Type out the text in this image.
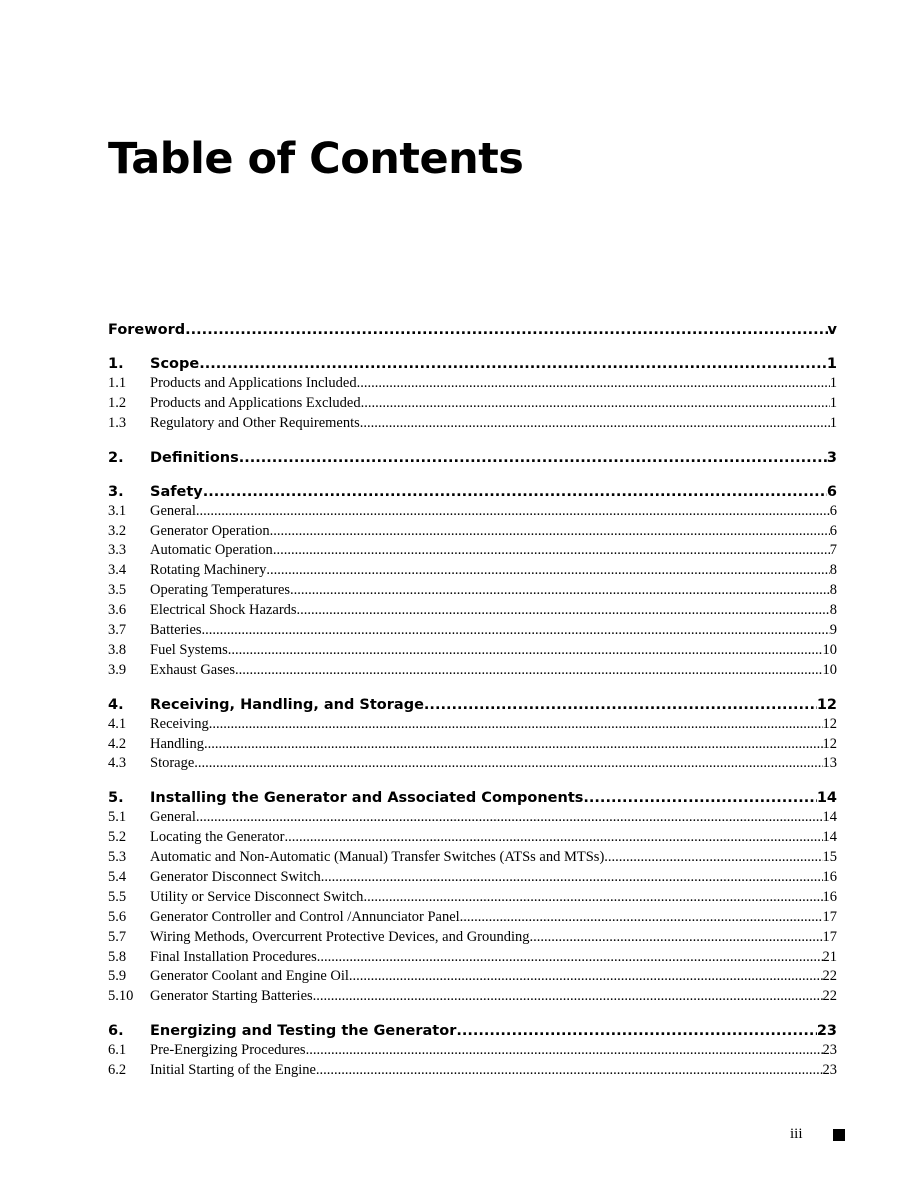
Table of Contents
Foreword .....	v
1.	Scope .....	1
1.1	Products and Applications Included .....	1
1.2	Products and Applications Excluded .....	1
1.3	Regulatory and Other Requirements .....	1
2.	Definitions .....	3
3.	Safety .....	6
3.1	General .....	6
3.2	Generator Operation .....	6
3.3	Automatic Operation .....	7
3.4	Rotating Machinery .....	8
3.5	Operating Temperatures .....	8
3.6	Electrical Shock Hazards .....	8
3.7	Batteries .....	9
3.8	Fuel Systems .....	10
3.9	Exhaust Gases .....	10
4.	Receiving, Handling, and Storage .....	12
4.1	Receiving .....	12
4.2	Handling .....	12
4.3	Storage .....	13
5.	Installing the Generator and Associated Components .....	14
5.1	General .....	14
5.2	Locating the Generator .....	14
5.3	Automatic and Non-Automatic (Manual) Transfer Switches (ATSs and MTSs) .....	15
5.4	Generator Disconnect Switch .....	16
5.5	Utility or Service Disconnect Switch .....	16
5.6	Generator Controller and Control /Annunciator Panel .....	17
5.7	Wiring Methods, Overcurrent Protective Devices, and Grounding .....	17
5.8	Final Installation Procedures .....	21
5.9	Generator Coolant and Engine Oil .....	22
5.10	Generator Starting Batteries .....	22
6.	Energizing and Testing the Generator .....	23
6.1	Pre-Energizing Procedures .....	23
6.2	Initial Starting of the Engine .....	23
iii
